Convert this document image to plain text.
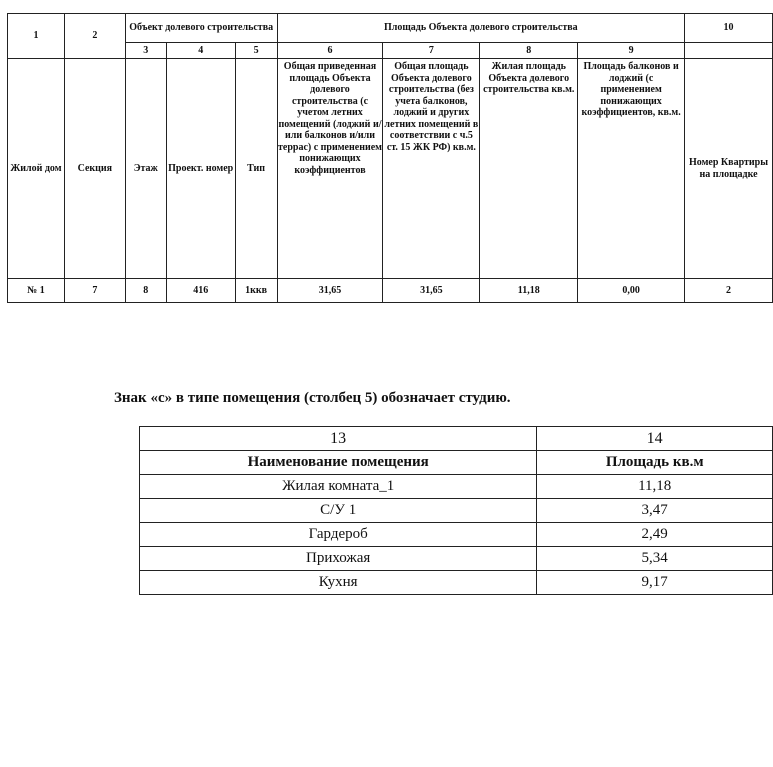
1	2	Объект долевого строительства			Площадь Объекта долевого строительства				10
		3	4	5	6	7	8	9	
Жилой дом	Секция	Этаж	Проект. номер	Тип	Общая приведенная площадь Объекта долевого строительства (с учетом летних помещений (лоджий и/или балконов и/или террас) с применением понижающих коэффициентов	Общая площадь Объекта долевого строительства (без учета балконов, лоджий и других летних помещений в соответствии с ч.5 ст. 15 ЖК РФ) кв.м.	Жилая площадь Объекта долевого строительства кв.м.	Площадь балконов и лоджий (с применением понижающих коэффициентов, кв.м.	Номер Квартиры на площадке
№ 1	7	8	416	1ккв	31,65	31,65	11,18	0,00	2
Знак «с» в типе помещения (столбец 5) обозначает студию.
13	14
Наименование помещения	Площадь кв.м
Жилая комната_1	11,18
С/У 1	3,47
Гардероб	2,49
Прихожая	5,34
Кухня	9,17
